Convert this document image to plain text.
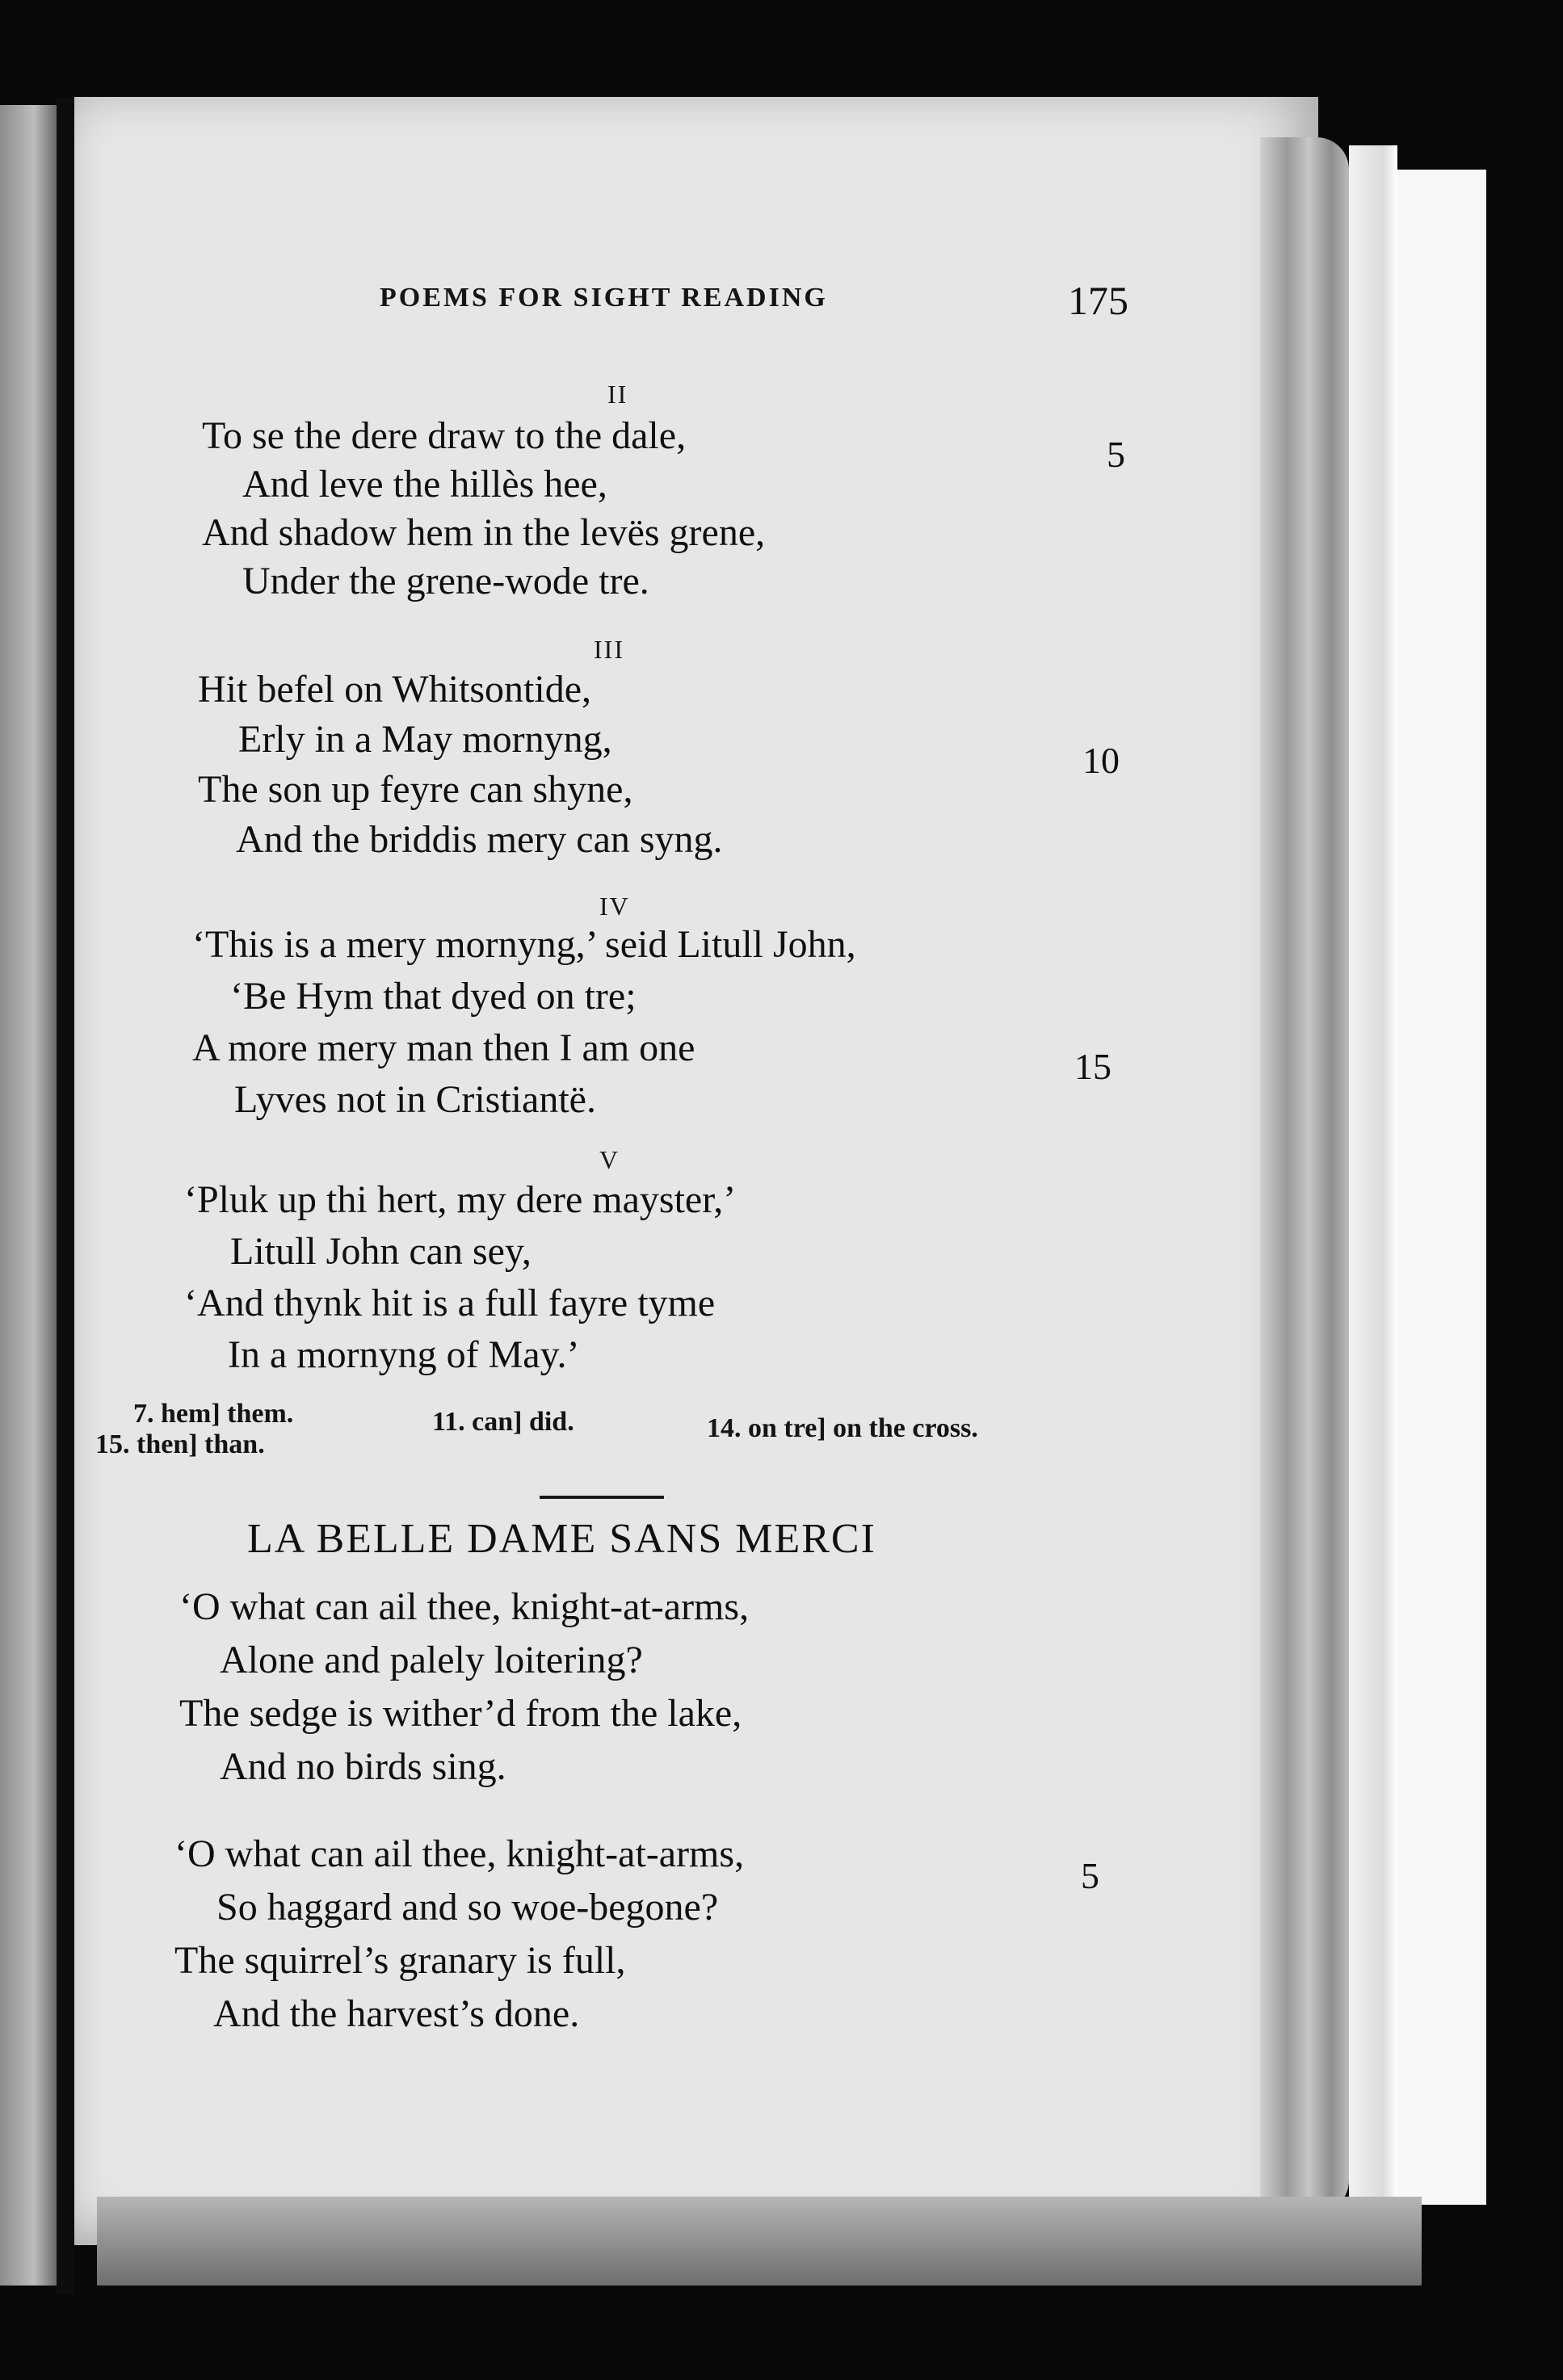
POEMS FOR SIGHT READING	175
II
To se the dere draw to the dale,
And leve the hillès hee,
And shadow hem in the levës grene,
Under the grene-wode tre.
5
III
Hit befel on Whitsontide,
Erly in a May mornyng,
The son up feyre can shyne,
And the briddis mery can syng.
10
IV
‘This is a mery mornyng,’ seid Litull John,
‘Be Hym that dyed on tre;
A more mery man then I am one
Lyves not in Cristiantë.
15
V
‘Pluk up thi hert, my dere mayster,’
Litull John can sey,
‘And thynk hit is a full fayre tyme
In a mornyng of May.’
7. hem] them.	11. can] did.	14. on tre] on the cross.
15. then] than.
LA BELLE DAME SANS MERCI
‘O what can ail thee, knight-at-arms,
Alone and palely loitering?
The sedge is wither’d from the lake,
And no birds sing.
‘O what can ail thee, knight-at-arms,
So haggard and so woe-begone?
The squirrel’s granary is full,
And the harvest’s done.
5
